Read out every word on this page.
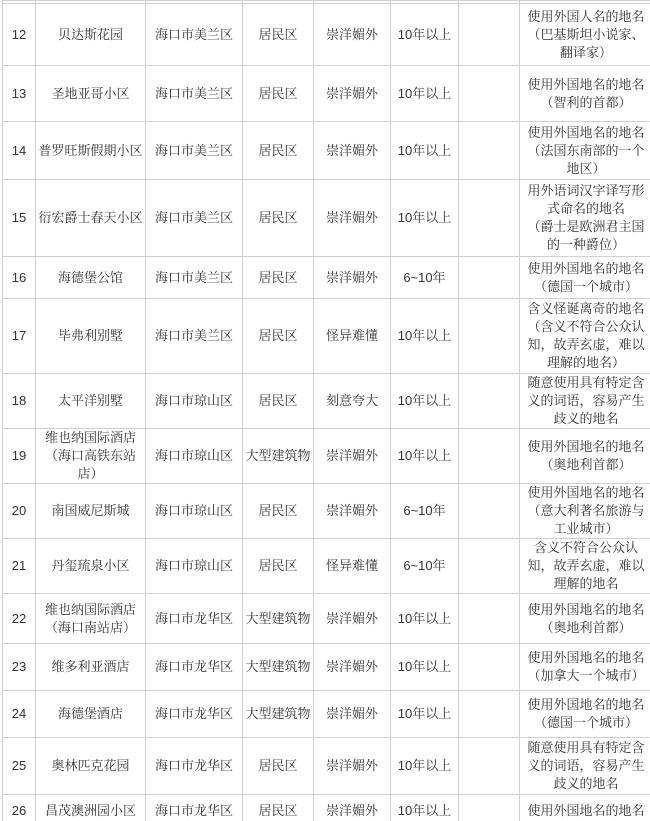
12	贝达斯花园	海口市美兰区	居民区	崇洋媚外	10年以上		使用外国人名的地名
（巴基斯坦小说家、翻译家）
13	圣地亚哥小区	海口市美兰区	居民区	崇洋媚外	10年以上		使用外国地名的地名
（智利的首都）
14	普罗旺斯假期小区	海口市美兰区	居民区	崇洋媚外	10年以上		使用外国地名的地名
（法国东南部的一个地区）
15	衍宏爵士春天小区	海口市美兰区	居民区	崇洋媚外	10年以上		用外语词汉字译写形式命名的地名
（爵士是欧洲君主国的一种爵位）
16	海德堡公馆	海口市美兰区	居民区	崇洋媚外	6~10年		使用外国地名的地名
（德国一个城市）
17	毕弗利别墅	海口市美兰区	居民区	怪异难懂	10年以上		含义怪诞离奇的地名
（含义不符合公众认知，故弄玄虚，难以理解的地名）
18	太平洋别墅	海口市琼山区	居民区	刻意夸大	10年以上		随意使用具有特定含义的词语，容易产生歧义的地名
19	维也纳国际酒店（海口高铁东站店）	海口市琼山区	大型建筑物	崇洋媚外	10年以上		使用外国地名的地名
（奥地利首都）
20	南国威尼斯城	海口市琼山区	居民区	崇洋媚外	6~10年		使用外国地名的地名
（意大利著名旅游与工业城市）
21	丹玺琉泉小区	海口市琼山区	居民区	怪异难懂	6~10年		含义不符合公众认知，故弄玄虚，难以理解的地名
22	维也纳国际酒店（海口南站店）	海口市龙华区	大型建筑物	崇洋媚外	10年以上		使用外国地名的地名
（奥地利首都）
23	维多利亚酒店	海口市龙华区	大型建筑物	崇洋媚外	10年以上		使用外国地名的地名
（加拿大一个城市）
24	海德堡酒店	海口市龙华区	大型建筑物	崇洋媚外	10年以上		使用外国地名的地名
（德国一个城市）
25	奥林匹克花园	海口市龙华区	居民区	崇洋媚外	10年以上		随意使用具有特定含义的词语，容易产生歧义的地名
26	昌茂澳洲园小区	海口市龙华区	居民区	崇洋媚外	10年以上		使用外国地名的地名
